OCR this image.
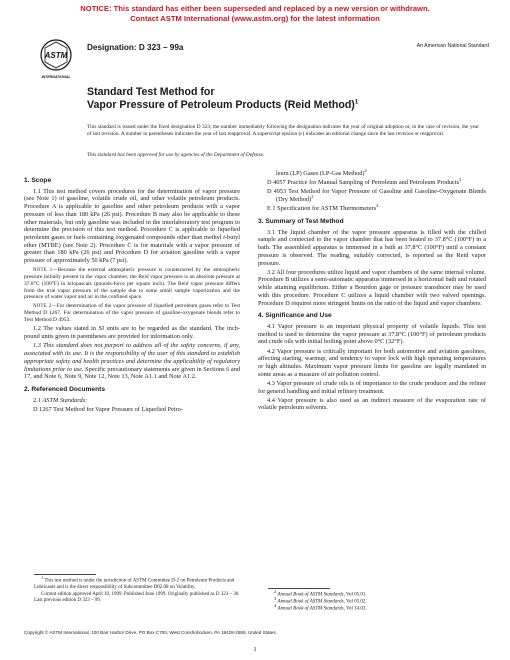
NOTICE: This standard has either been superseded and replaced by a new version or withdrawn.
Contact ASTM International (www.astm.org) for the latest information
ASTM
INTERNATIONAL
Designation: D 323 – 99a	An American National Standard
Standard Test Method for
Vapor Pressure of Petroleum Products (Reid Method)$^1$
This standard is issued under the fixed designation D 323; the number immediately following the designation indicates the year of original adoption or, in the case of revision, the year of last revision. A number in parentheses indicates the year of last reapproval. A superscript epsilon (ε) indicates an editorial change since the last revision or reapproval.
This standard has been approved for use by agencies of the Department of Defense.
1. Scope

1.1 This test method covers procedures for the determination of vapor pressure (see Note 1) of gasoline, volatile crude oil, and other volatile petroleum products. Procedure A is applicable to gasoline and other petroleum products with a vapor pressure of less than 180 kPa (26 psi). Procedure B may also be applicable to these other materials, but only gasoline was included in the interlaboratory test program to determine the precision of this test method. Procedure C is applicable to liquefied petroleum gases or fuels containing oxygenated compounds other than methyl t-butyl ether (MTBE) (see Note 2). Procedure C is for materials with a vapor pressure of greater than 180 kPa (26 psi) and Procedure D for aviation gasoline with a vapor pressure of approximately 50 kPa (7 psi).

NOTE 1—Because the external atmospheric pressure is counteracted by the atmospheric pressure initially present in the vapor chamber, the Reid vapor pressure is an absolute pressure at 37.8°C (100°F) in kilopascals (pounds-force per square inch). The Reid vapor pressure differs from the true vapor pressure of the sample due to some small sample vaporization and the presence of water vapor and air in the confined space.

NOTE 2—For determination of the vapor pressure of liquefied petroleum gases refer to Test Method D 1267. For determination of the vapor pressure of gasoline-oxygenate blends refer to Test Method D 4953.

1.2 The values stated in SI units are to be regarded as the standard. The inch-pound units given in parentheses are provided for information only.

1.3 This standard does not purport to address all of the safety concerns, if any, associated with its use. It is the responsibility of the user of this standard to establish appropriate safety and health practices and determine the applicability of regulatory limitations prior to use. Specific precautionary statements are given in Sections 6 and 17, and Note 6, Note 9, Note 12, Note 13, Note A1.1 and Note A1.2.

2. Referenced Documents

2.1 ASTM Standards:

D 1267 Test Method for Vapor Pressure of Liquefied Petro-

$^1$ This test method is under the jurisdiction of ASTM Committee D-2 on Petroleum Products and Lubricants and is the direct responsibility of Subcommittee D02.08 on Volatility.

Current edition approved April 10, 1999. Published June 1999. Originally published as D 323 – 30. Last previous edition D 323 – 99.

leum (LP) Gases (LP-Gas Method)$^2$

D 4057 Practice for Manual Sampling of Petroleum and Petroleum Products$^3$

D 4953 Test Method for Vapor Pressure of Gasoline and Gasoline-Oxygenate Blends (Dry Method)$^3$

E 1 Specification for ASTM Thermometers$^4$

3. Summary of Test Method

3.1 The liquid chamber of the vapor pressure apparatus is filled with the chilled sample and connected to the vapor chamber that has been heated to 37.8°C (100°F) in a bath. The assembled apparatus is immersed in a bath at 37.8°C (100°F) until a constant pressure is observed. The reading, suitably corrected, is reported as the Reid vapor pressure.

3.2 All four procedures utilize liquid and vapor chambers of the same internal volume. Procedure B utilizes a semi-automatic apparatus immersed in a horizontal bath and rotated while attaining equilibrium. Either a Bourdon gage or pressure transducer may be used with this procedure. Procedure C utilizes a liquid chamber with two valved openings. Procedure D requires more stringent limits on the ratio of the liquid and vapor chambers.

4. Significance and Use

4.1 Vapor pressure is an important physical property of volatile liquids. This test method is used to determine the vapor pressure at 37.8°C (100°F) of petroleum products and crude oils with initial boiling point above 0°C (32°F).

4.2 Vapor pressure is critically important for both automotive and aviation gasolines, affecting starting, warmup, and tendency to vapor lock with high operating temperatures or high altitudes. Maximum vapor pressure limits for gasoline are legally mandated in some areas as a measure of air pollution control.

4.3 Vapor pressure of crude oils is of importance to the crude producer and the refiner for general handling and initial refinery treatment.

4.4 Vapor pressure is also used as an indirect measure of the evaporation rate of volatile petroleum solvents.

$^2$ Annual Book of ASTM Standards, Vol 05.01.

$^3$ Annual Book of ASTM Standards, Vol 05.02.

$^4$ Annual Book of ASTM Standards, Vol 14.03.

Copyright © ASTM International, 100 Barr Harbor Drive, PO Box C700, West Conshohocken, PA 19428-2959, United States.
1
